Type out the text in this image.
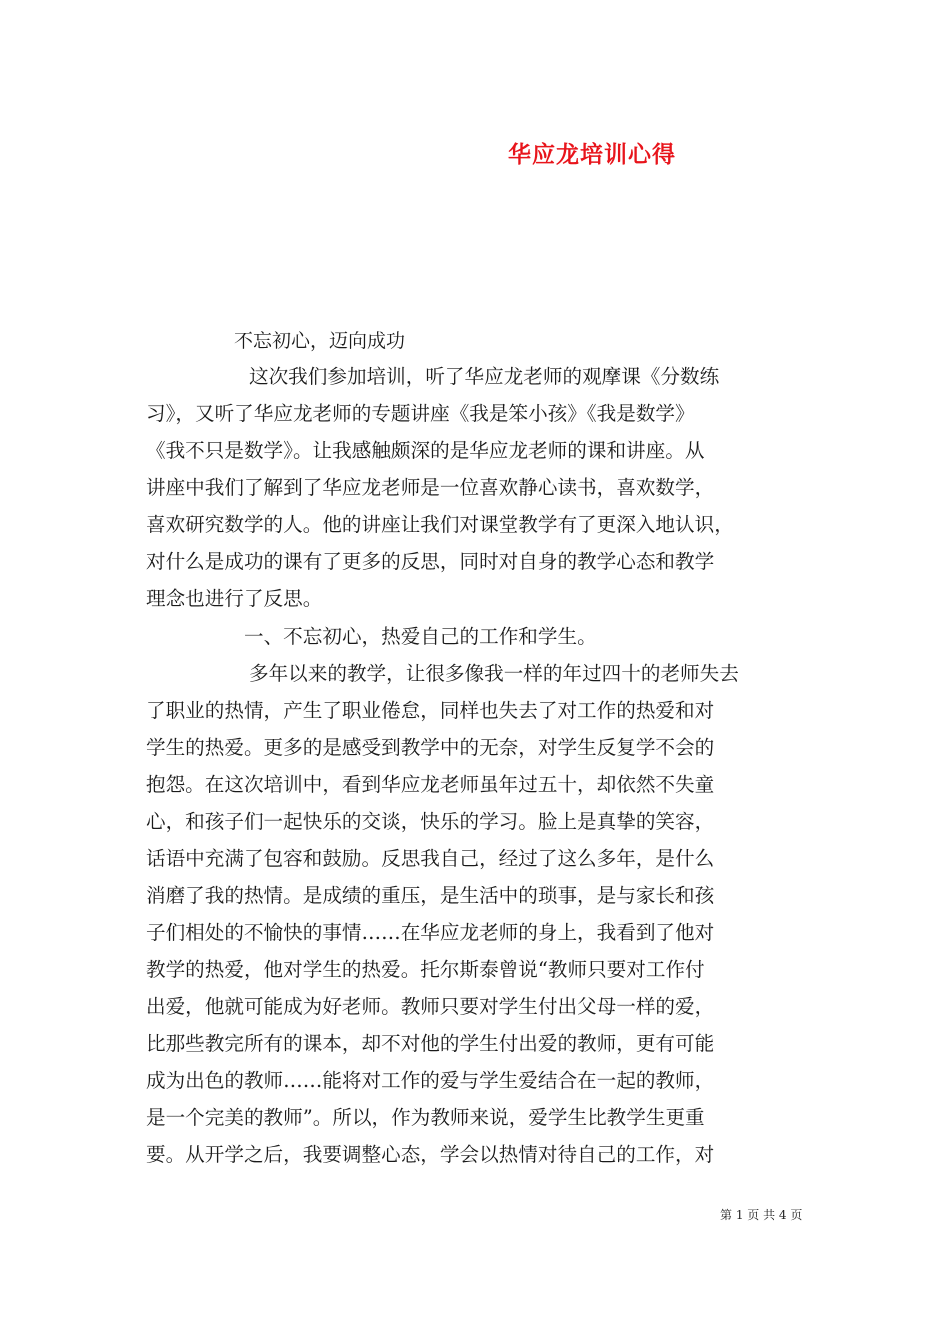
华应龙培训心得
不忘初心，迈向成功
这次我们参加培训，听了华应龙老师的观摩课《分数练
习》，又听了华应龙老师的专题讲座《我是笨小孩》《我是数学》
《我不只是数学》。让我感触颇深的是华应龙老师的课和讲座。从
讲座中我们了解到了华应龙老师是一位喜欢静心读书，喜欢数学，
喜欢研究数学的人。他的讲座让我们对课堂教学有了更深入地认识，
对什么是成功的课有了更多的反思，同时对自身的教学心态和教学
理念也进行了反思。
一、不忘初心，热爱自己的工作和学生。
多年以来的教学，让很多像我一样的年过四十的老师失去
了职业的热情，产生了职业倦怠，同样也失去了对工作的热爱和对
学生的热爱。更多的是感受到教学中的无奈，对学生反复学不会的
抱怨。在这次培训中，看到华应龙老师虽年过五十，却依然不失童
心，和孩子们一起快乐的交谈，快乐的学习。脸上是真挚的笑容，
话语中充满了包容和鼓励。反思我自己，经过了这么多年，是什么
消磨了我的热情。是成绩的重压，是生活中的琐事，是与家长和孩
子们相处的不愉快的事情……在华应龙老师的身上，我看到了他对
教学的热爱，他对学生的热爱。托尔斯泰曾说“教师只要对工作付
出爱，他就可能成为好老师。教师只要对学生付出父母一样的爱，
比那些教完所有的课本，却不对他的学生付出爱的教师，更有可能
成为出色的教师……能将对工作的爱与学生爱结合在一起的教师，
是一个完美的教师”。所以，作为教师来说，爱学生比教学生更重
要。从开学之后，我要调整心态，学会以热情对待自己的工作，对
第 1 页 共 4 页
